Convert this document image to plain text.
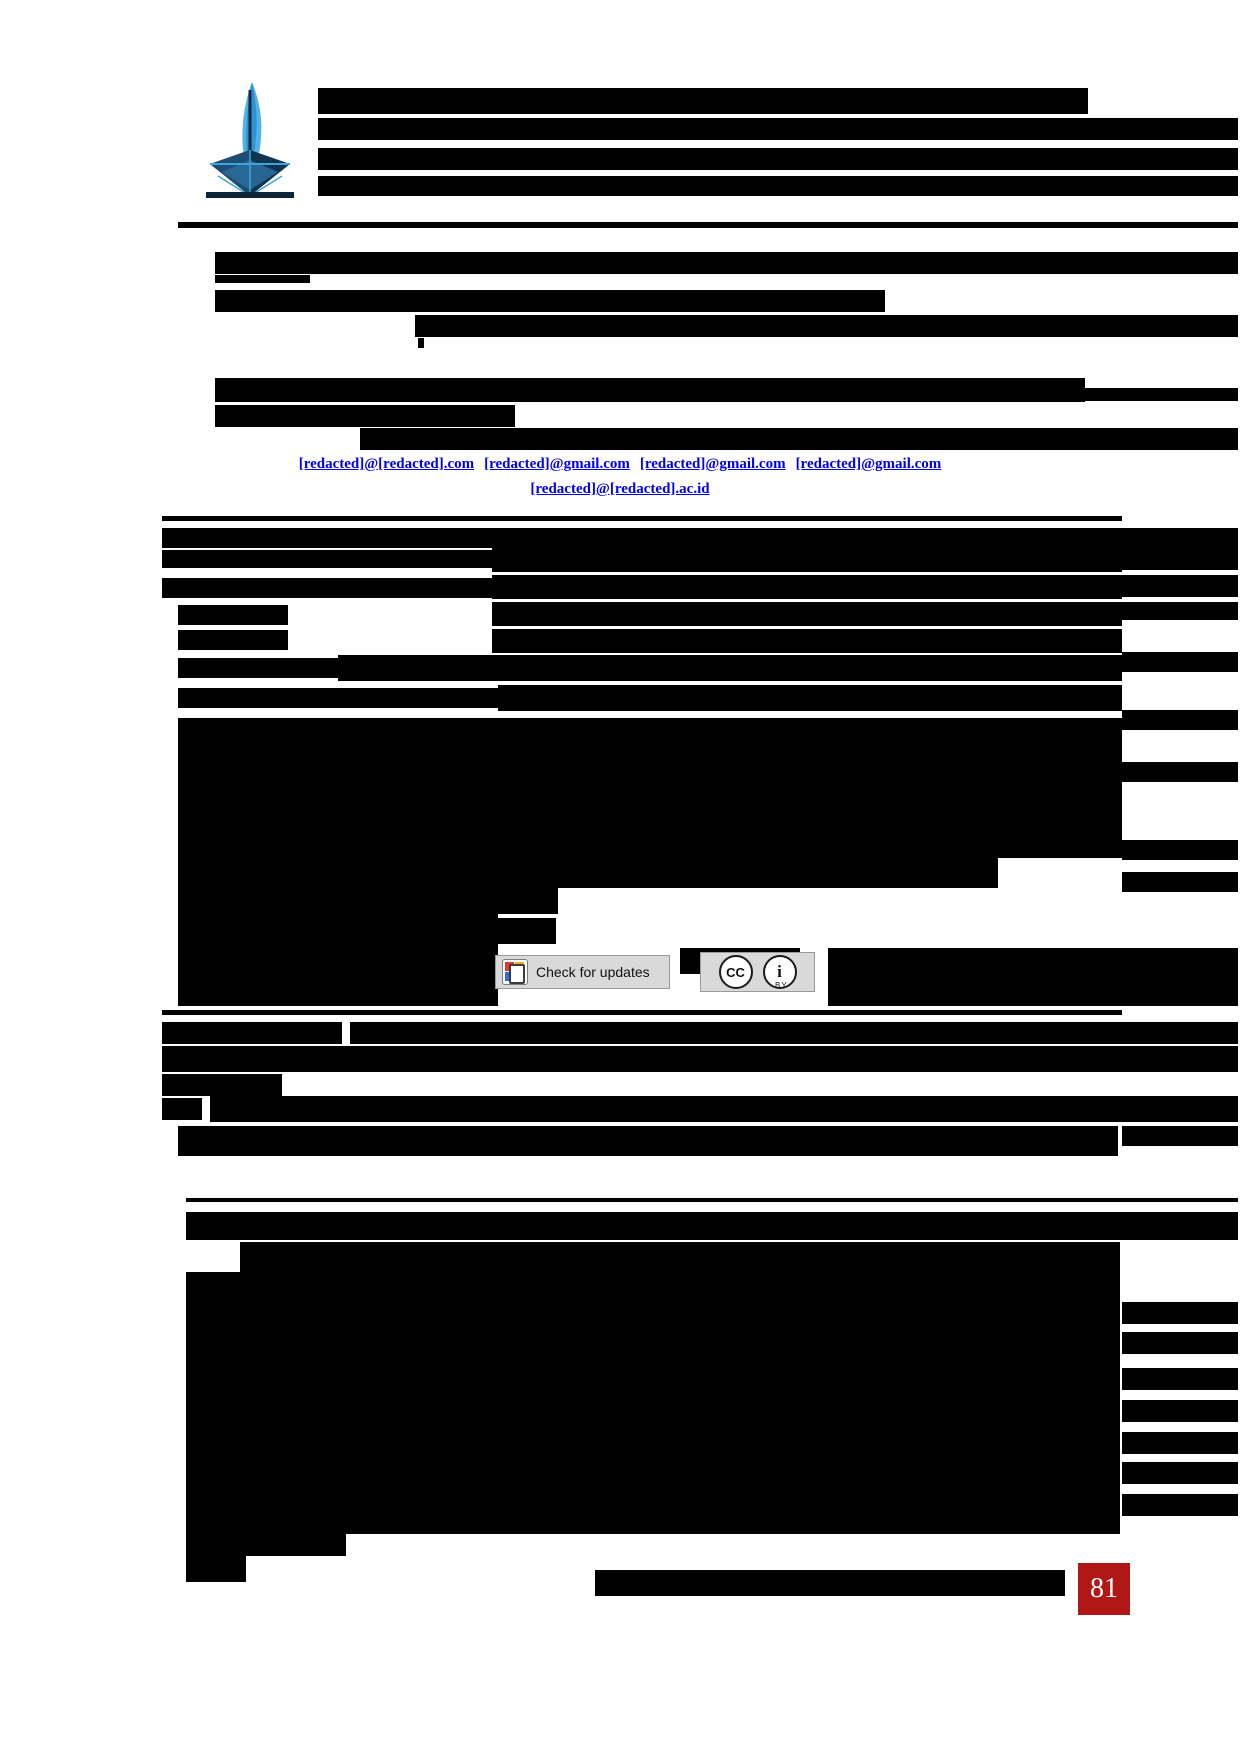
[redacted]@[redacted].com [redacted]@gmail.com [redacted]@gmail.com [redacted]@gmail.com
[redacted]@[redacted].ac.id
Check for updates	CC	i
BY
81
